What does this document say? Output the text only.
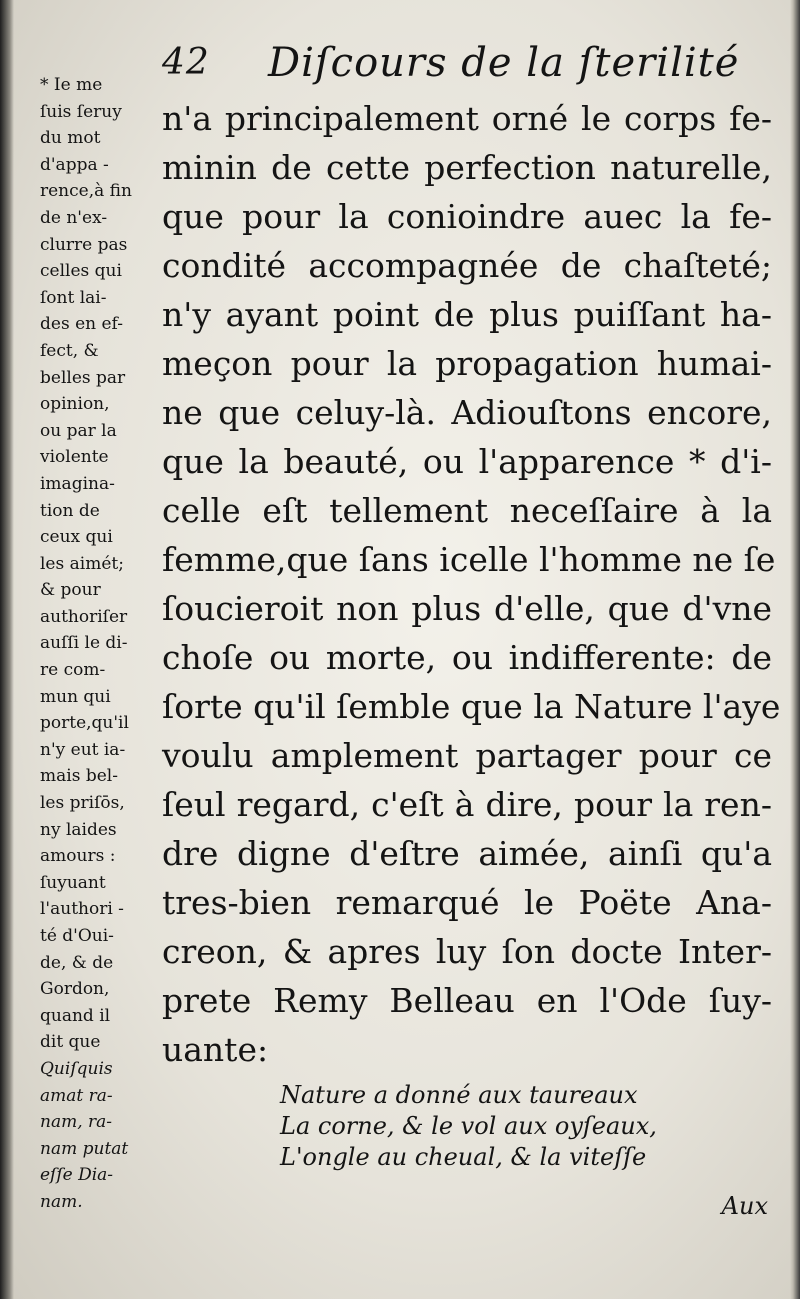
42 Diſcours de la ſterilité
* Ie me
ſuis ſeruy
du mot
d'appa -
rence,à fin
de n'ex-
clurre pas
celles qui
ſont lai-
des en ef-
fect, &
belles par
opinion,
ou par la
violente
imagina-
tion de
ceux qui
les aimét;
& pour
authoriſer
auſſi le di-
re com-
mun qui
porte,qu'il
n'y eut ia-
mais bel-
les priſōs,
ny laides
amours :
ſuyuant
l'authori -
té d'Oui-
de, & de
Gordon,
quand il
dit que
Quiſquis
amat ra-
nam, ra-
nam putat
eſſe Dia-
nam.
n'a principalement orné le corps fe-
minin de cette perfection naturelle,
que pour la conioindre auec la fe-
condité accompagnée de chaſteté;
n'y ayant point de plus puiſſant ha-
meçon pour la propagation humai-
ne que celuy-là. Adiouſtons encore,
que la beauté, ou l'apparence * d'i-
celle eſt tellement neceſſaire à la
femme,que ſans icelle l'homme ne ſe
ſoucieroit non plus d'elle, que d'vne
choſe ou morte, ou indifferente: de
ſorte qu'il ſemble que la Nature l'aye
voulu amplement partager pour ce
ſeul regard, c'eſt à dire, pour la ren-
dre digne d'eſtre aimée, ainſi qu'a
tres-bien remarqué le Poëte Ana-
creon, & apres luy ſon docte Inter-
prete Remy Belleau en l'Ode ſuy-
uante:
Nature a donné aux taureaux
La corne, & le vol aux oyſeaux,
L'ongle au cheual, & la viteſſe
Aux
